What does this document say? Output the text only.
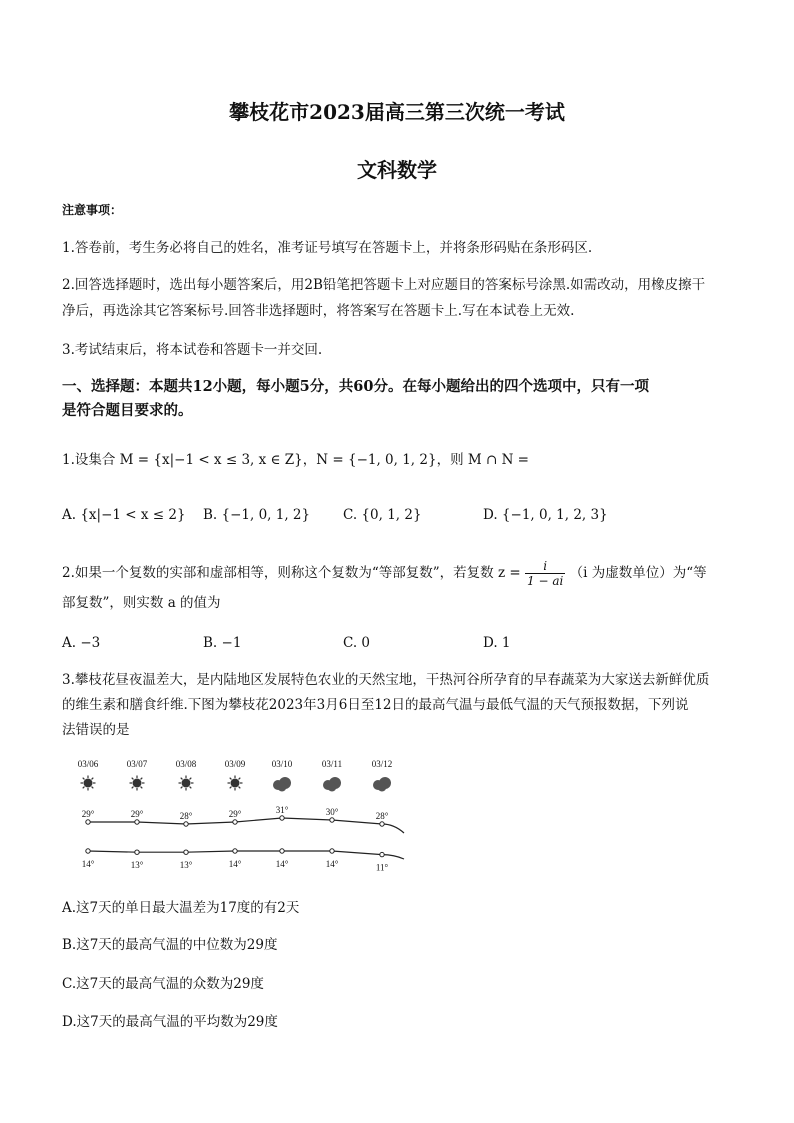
攀枝花市2023届高三第三次统一考试
文科数学
注意事项：
1.答卷前，考生务必将自己的姓名，准考证号填写在答题卡上，并将条形码贴在条形码区.
2.回答选择题时，选出每小题答案后，用2B铅笔把答题卡上对应题目的答案标号涂黑.如需改动，用橡皮擦干
净后，再选涂其它答案标号.回答非选择题时，将答案写在答题卡上.写在本试卷上无效.
3.考试结束后，将本试卷和答题卡一并交回.
一、选择题：本题共12小题，每小题5分，共60分。在每小题给出的四个选项中，只有一项
是符合题目要求的。
1.设集合 M = {x|−1 < x ≤ 3, x ∈ Z}，N = {−1, 0, 1, 2}，则 M ∩ N =
A. {x|−1 < x ≤ 2} B. {−1, 0, 1, 2} C. {0, 1, 2}	D. {−1, 0, 1, 2, 3}
2.如果一个复数的实部和虚部相等，则称这个复数为“等部复数”，若复数 $z = \frac{i}{1 - ai} (i$ 为虚数单位）为“等
部复数”，则实数 a 的值为
A. −3	B. −1	C. 0	D. 1
3.攀枝花昼夜温差大，是内陆地区发展特色农业的天然宝地，干热河谷所孕育的早春蔬菜为大家送去新鲜优质
的维生素和膳食纤维.下图为攀枝花2023年3月6日至12日的最高气温与最低气温的天气预报数据，下列说
法错误的是
03/06	03/07	03/08	03/09	03/10	03/11	03/12
29°	29°	28°	29°	31°	30°	28°
14°	13°	13°	14°	14°	14°	11°
A.这7天的单日最大温差为17度的有2天
B.这7天的最高气温的中位数为29度
C.这7天的最高气温的众数为29度
D.这7天的最高气温的平均数为29度
